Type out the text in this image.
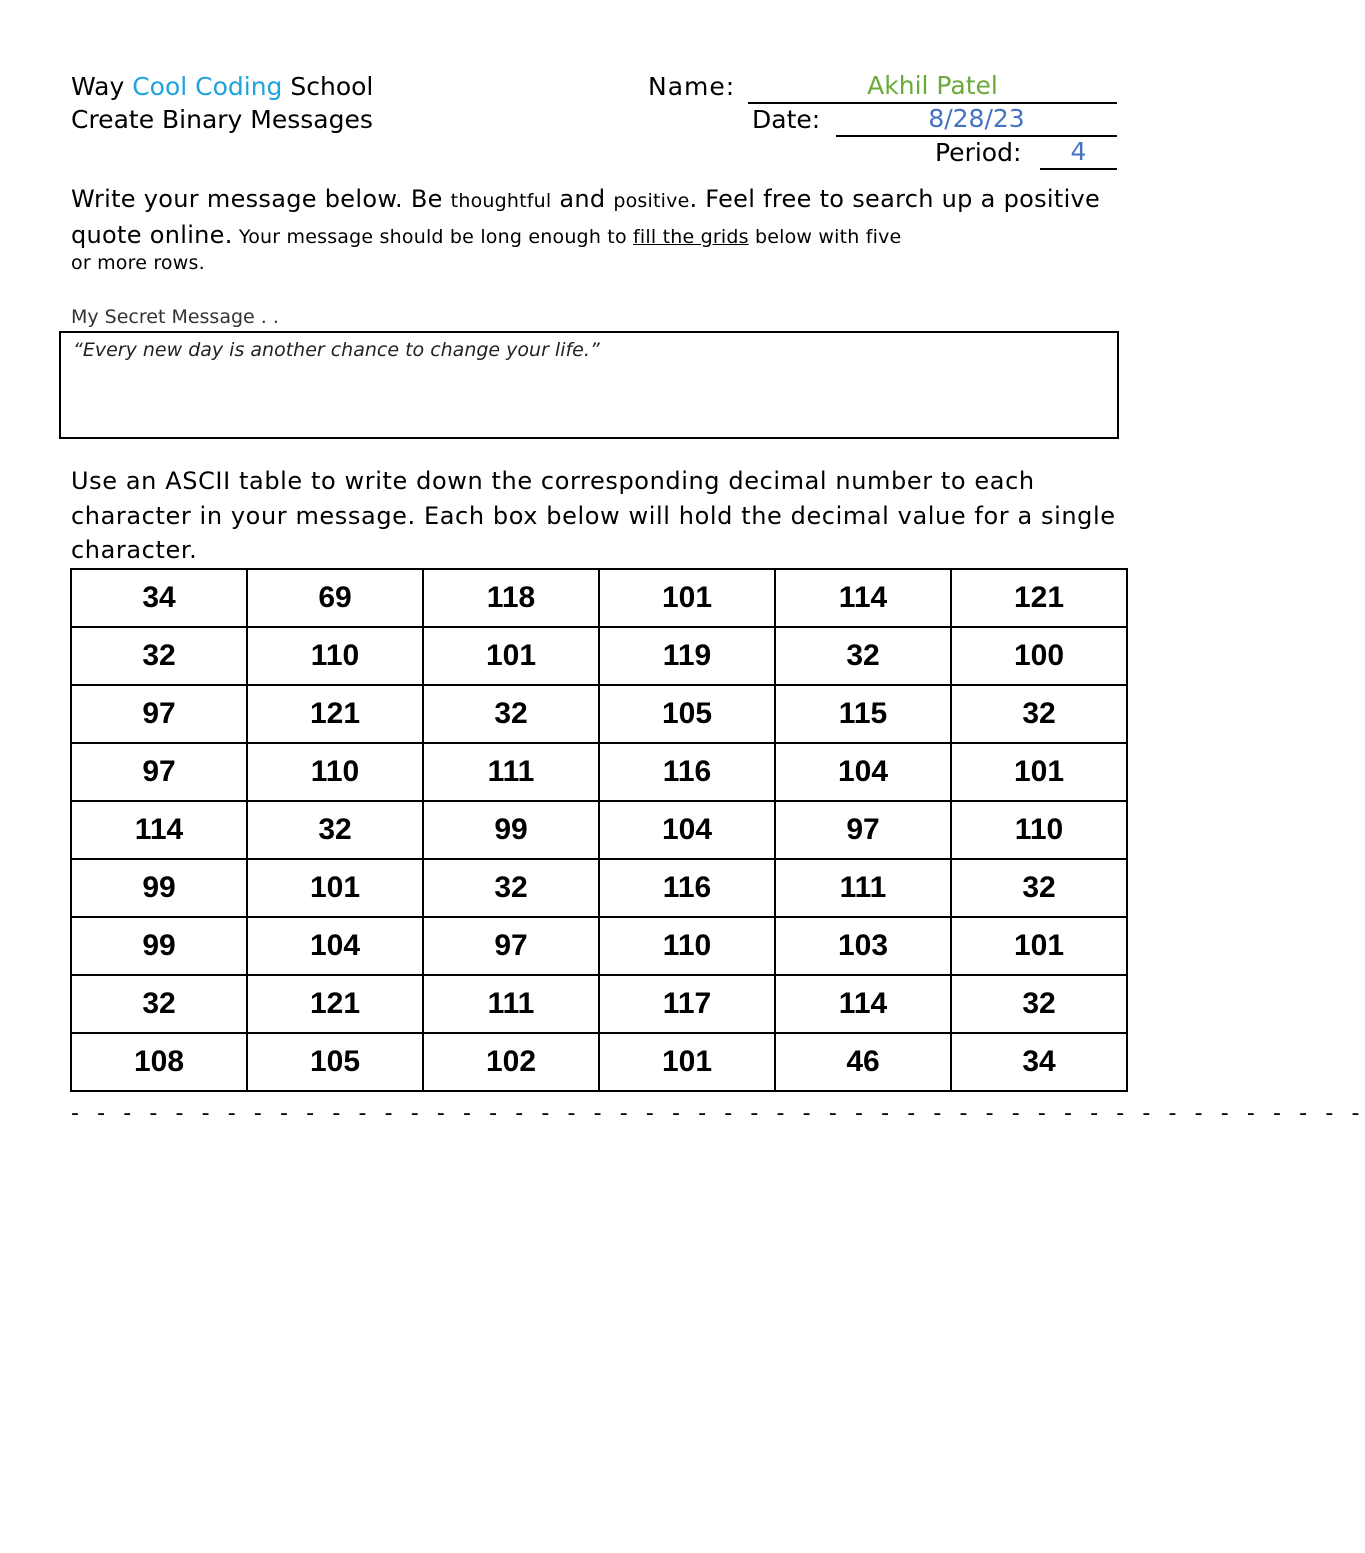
Way Cool Coding School
Create Binary Messages
Name:	Akhil Patel
Date:	8/28/23
Period:	4
Write your message below. Be thoughtful and positive. Feel free to search up a positive quote online. Your message should be long enough to fill the grids below with five
or more rows.
My Secret Message . .
“Every new day is another chance to change your life.”
Use an ASCII table to write down the corresponding decimal number to each character in your message. Each box below will hold the decimal value for a single character.
34	69	118	101	114	121
32	110	101	119	32	100
97	121	32	105	115	32
97	110	111	116	104	101
114	32	99	104	97	110
99	101	32	116	111	32
99	104	97	110	103	101
32	121	111	117	114	32
108	105	102	101	46	34
- - - - - - - - - - - - - - - - - - - - - - - - - - - - - - - - - - - - - - - - - - - - - - - - - -
